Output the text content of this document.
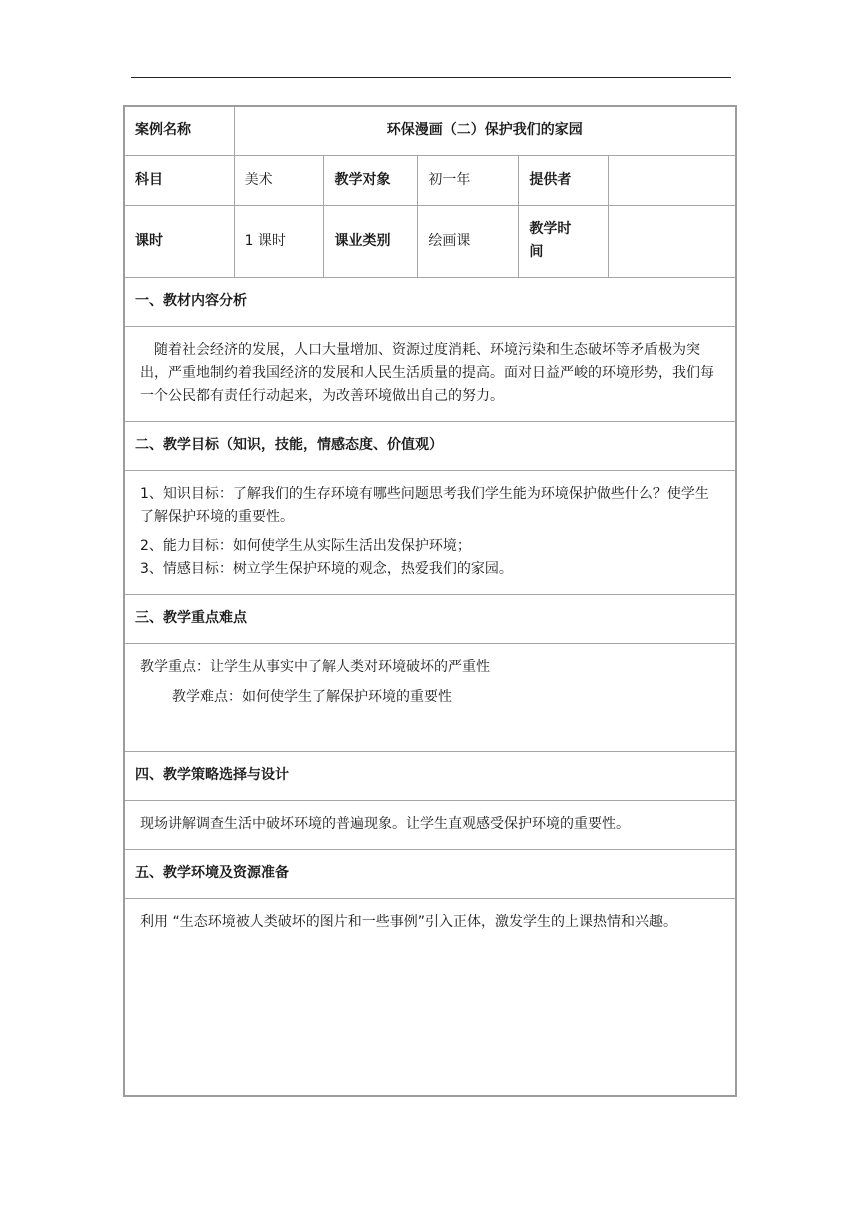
案例名称	环保漫画（二）保护我们的家园				
科目	美术	教学对象	初一年	提供者	
课时	1 课时	课业类别	绘画课	教学时
间	

一、教材内容分析					
随着社会经济的发展，人口大量增加、资源过度消耗、环境污染和生态破坏等矛盾极为突出，严重地制约着我国经济的发展和人民生活质量的提高。面对日益严峻的环境形势，我们每一个公民都有责任行动起来，为改善环境做出自己的努力。					
二、教学目标（知识，技能，情感态度、价值观）					

1、知识目标：了解我们的生存环境有哪些问题思考我们学生能为环境保护做些什么？使学生了解保护环境的重要性。
2、能力目标：如何使学生从实际生活出发保护环境；
3、情感目标：树立学生保护环境的观念，热爱我们的家园。					

三、教学重点难点					

教学重点：让学生从事实中了解人类对环境破坏的严重性
教学难点：如何使学生了解保护环境的重要性					

四、教学策略选择与设计					
现场讲解调查生活中破坏环境的普遍现象。让学生直观感受保护环境的重要性。					
五、教学环境及资源准备					
利用 “生态环境被人类破坏的图片和一些事例”引入正体，激发学生的上课热情和兴趣。					
